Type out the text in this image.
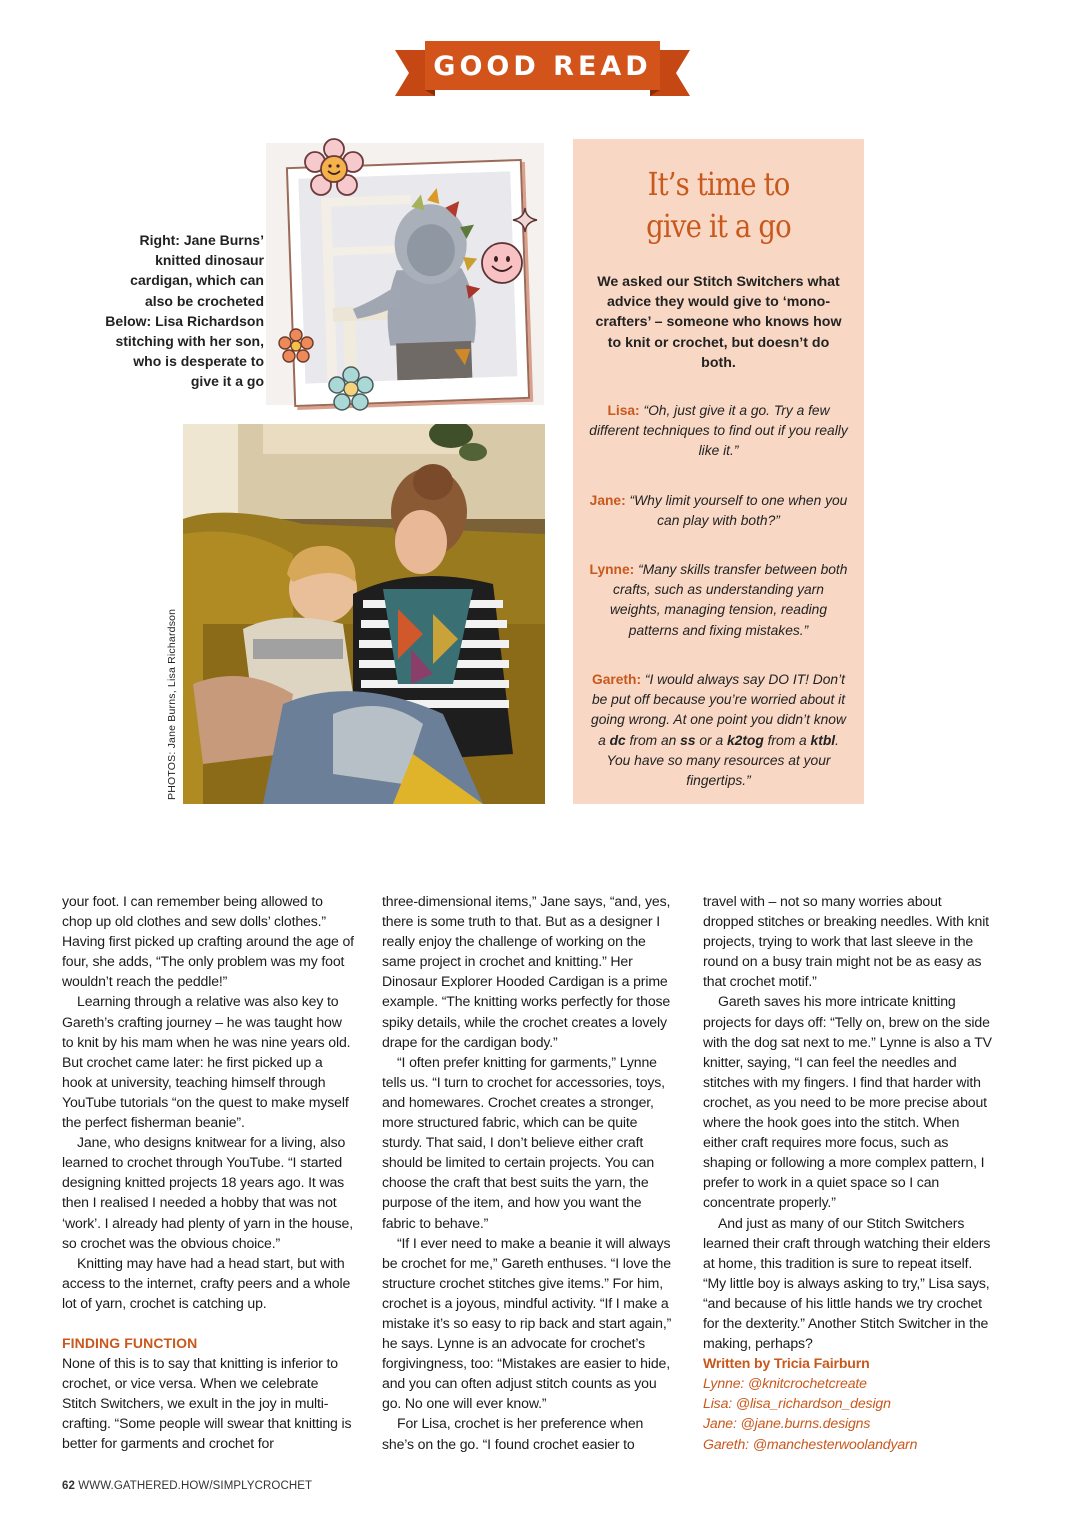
GOOD READ
Right: Jane Burns’
knitted dinosaur
cardigan, which can
also be crocheted
Below: Lisa Richardson
stitching with her son,
who is desperate to
give it a go
PHOTOS: Jane Burns, Lisa Richardson
It’s time to
give it a go
We asked our Stitch Switchers what advice they would give to ‘mono-crafters’ – someone who knows how to knit or crochet, but doesn’t do both.
Lisa: “Oh, just give it a go. Try a few different techniques to find out if you really like it.”
Jane: “Why limit yourself to one when you can play with both?”
Lynne: “Many skills transfer between both crafts, such as understanding yarn weights, managing tension, reading patterns and fixing mistakes.”
Gareth: “I would always say DO IT! Don’t be put off because you’re worried about it going wrong. At one point you didn’t know a dc from an ss or a k2tog from a ktbl. You have so many resources at your fingertips.”

your foot. I can remember being allowed to chop up old clothes and sew dolls’ clothes.” Having first picked up crafting around the age of four, she adds, “The only problem was my foot wouldn’t reach the peddle!”

Learning through a relative was also key to Gareth’s crafting journey – he was taught how to knit by his mam when he was nine years old. But crochet came later: he first picked up a hook at university, teaching himself through YouTube tutorials “on the quest to make myself the perfect fisherman beanie”.

Jane, who designs knitwear for a living, also learned to crochet through YouTube. “I started designing knitted projects 18 years ago. It was then I realised I needed a hobby that was not ‘work’. I already had plenty of yarn in the house, so crochet was the obvious choice.”

Knitting may have had a head start, but with access to the internet, crafty peers and a whole lot of yarn, crochet is catching up.

FINDING FUNCTION

None of this is to say that knitting is inferior to crochet, or vice versa. When we celebrate Stitch Switchers, we exult in the joy in multi-crafting. “Some people will swear that knitting is better for garments and crochet for

three-dimensional items,” Jane says, “and, yes, there is some truth to that. But as a designer I really enjoy the challenge of working on the same project in crochet and knitting.” Her Dinosaur Explorer Hooded Cardigan is a prime example. “The knitting works perfectly for those spiky details, while the crochet creates a lovely drape for the cardigan body.”

“I often prefer knitting for garments,” Lynne tells us. “I turn to crochet for accessories, toys, and homewares. Crochet creates a stronger, more structured fabric, which can be quite sturdy. That said, I don’t believe either craft should be limited to certain projects. You can choose the craft that best suits the yarn, the purpose of the item, and how you want the fabric to behave.”

“If I ever need to make a beanie it will always be crochet for me,” Gareth enthuses. “I love the structure crochet stitches give items.” For him, crochet is a joyous, mindful activity. “If I make a mistake it’s so easy to rip back and start again,” he says. Lynne is an advocate for crochet’s forgivingness, too: “Mistakes are easier to hide, and you can often adjust stitch counts as you go. No one will ever know.”

For Lisa, crochet is her preference when she’s on the go. “I found crochet easier to

travel with – not so many worries about dropped stitches or breaking needles. With knit projects, trying to work that last sleeve in the round on a busy train might not be as easy as that crochet motif.”

Gareth saves his more intricate knitting projects for days off: “Telly on, brew on the side with the dog sat next to me.” Lynne is also a TV knitter, saying, “I can feel the needles and stitches with my fingers. I find that harder with crochet, as you need to be more precise about where the hook goes into the stitch. When either craft requires more focus, such as shaping or following a more complex pattern, I prefer to work in a quiet space so I can concentrate properly.”

And just as many of our Stitch Switchers learned their craft through watching their elders at home, this tradition is sure to repeat itself. “My little boy is always asking to try,” Lisa says, “and because of his little hands we try crochet for the dexterity.” Another Stitch Switcher in the making, perhaps?

Written by Tricia Fairburn
Lynne: @knitcrochetcreate
Lisa: @lisa_richardson_design
Jane: @jane.burns.designs
Gareth: @manchesterwoolandyarn
62 WWW.GATHERED.HOW/SIMPLYCROCHET
